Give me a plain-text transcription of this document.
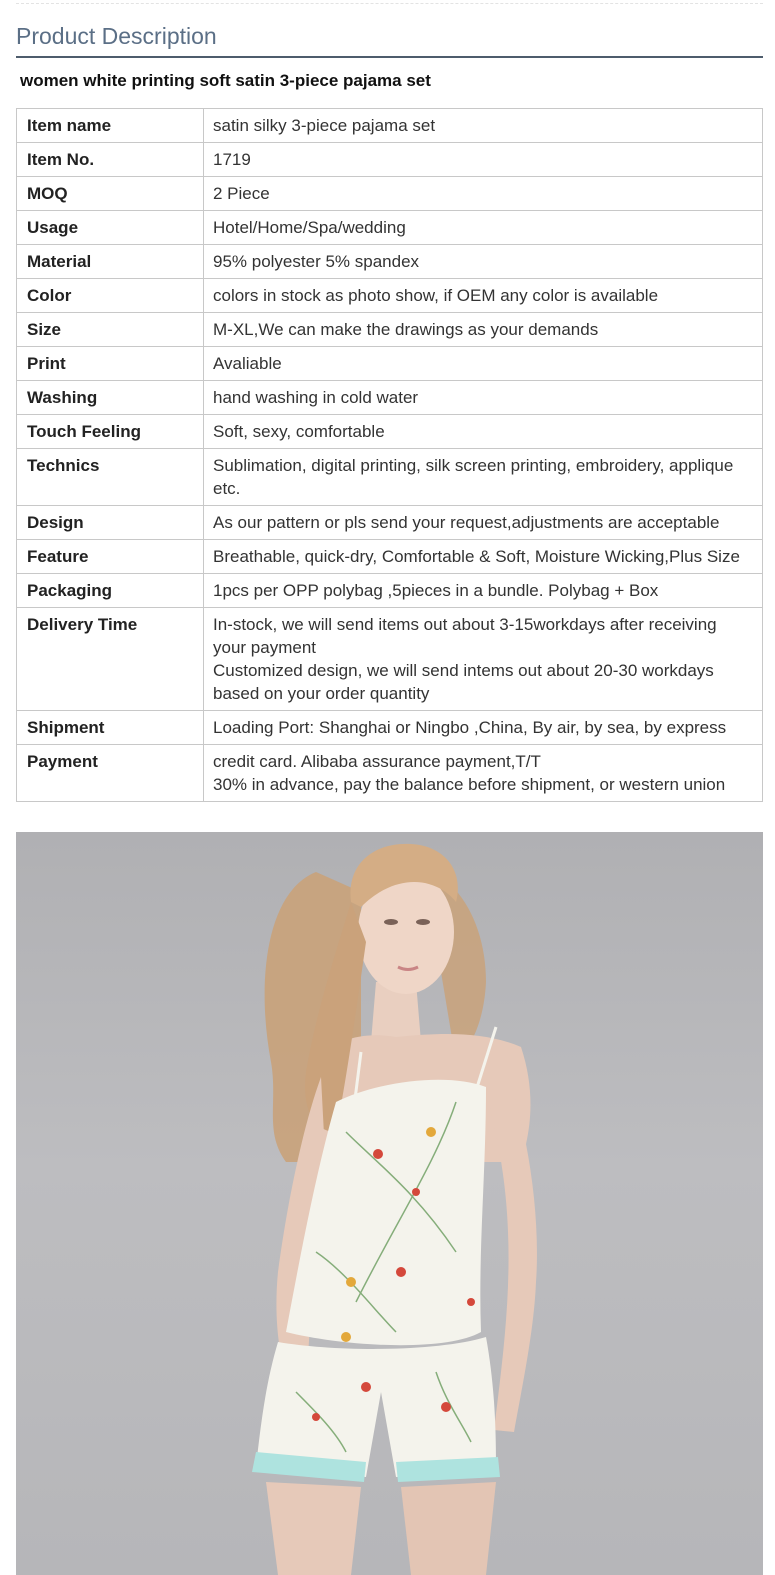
Product Description
women white printing soft satin 3-piece pajama set
Item name	satin silky 3-piece pajama set
Item No.	1719
MOQ	2 Piece
Usage	Hotel/Home/Spa/wedding
Material	95% polyester 5% spandex
Color	colors in stock as photo show, if OEM any color is available
Size	M-XL,We can make the drawings as your demands
Print	Avaliable
Washing	hand washing in cold water
Touch Feeling	Soft, sexy, comfortable
Technics	Sublimation, digital printing, silk screen printing, embroidery, applique etc.
Design	As our pattern or pls send your request,adjustments are acceptable
Feature	Breathable, quick-dry, Comfortable & Soft, Moisture Wicking,Plus Size
Packaging	1pcs per OPP polybag ,5pieces in a bundle. Polybag + Box
Delivery Time	In-stock, we will send items out about 3-15workdays after receiving your payment
Customized design, we will send intems out about 20-30 workdays based on your order quantity
Shipment	Loading Port: Shanghai or Ningbo ,China, By air, by sea, by express
Payment	credit card. Alibaba assurance payment,T/T
30% in advance, pay the balance before shipment, or western union
